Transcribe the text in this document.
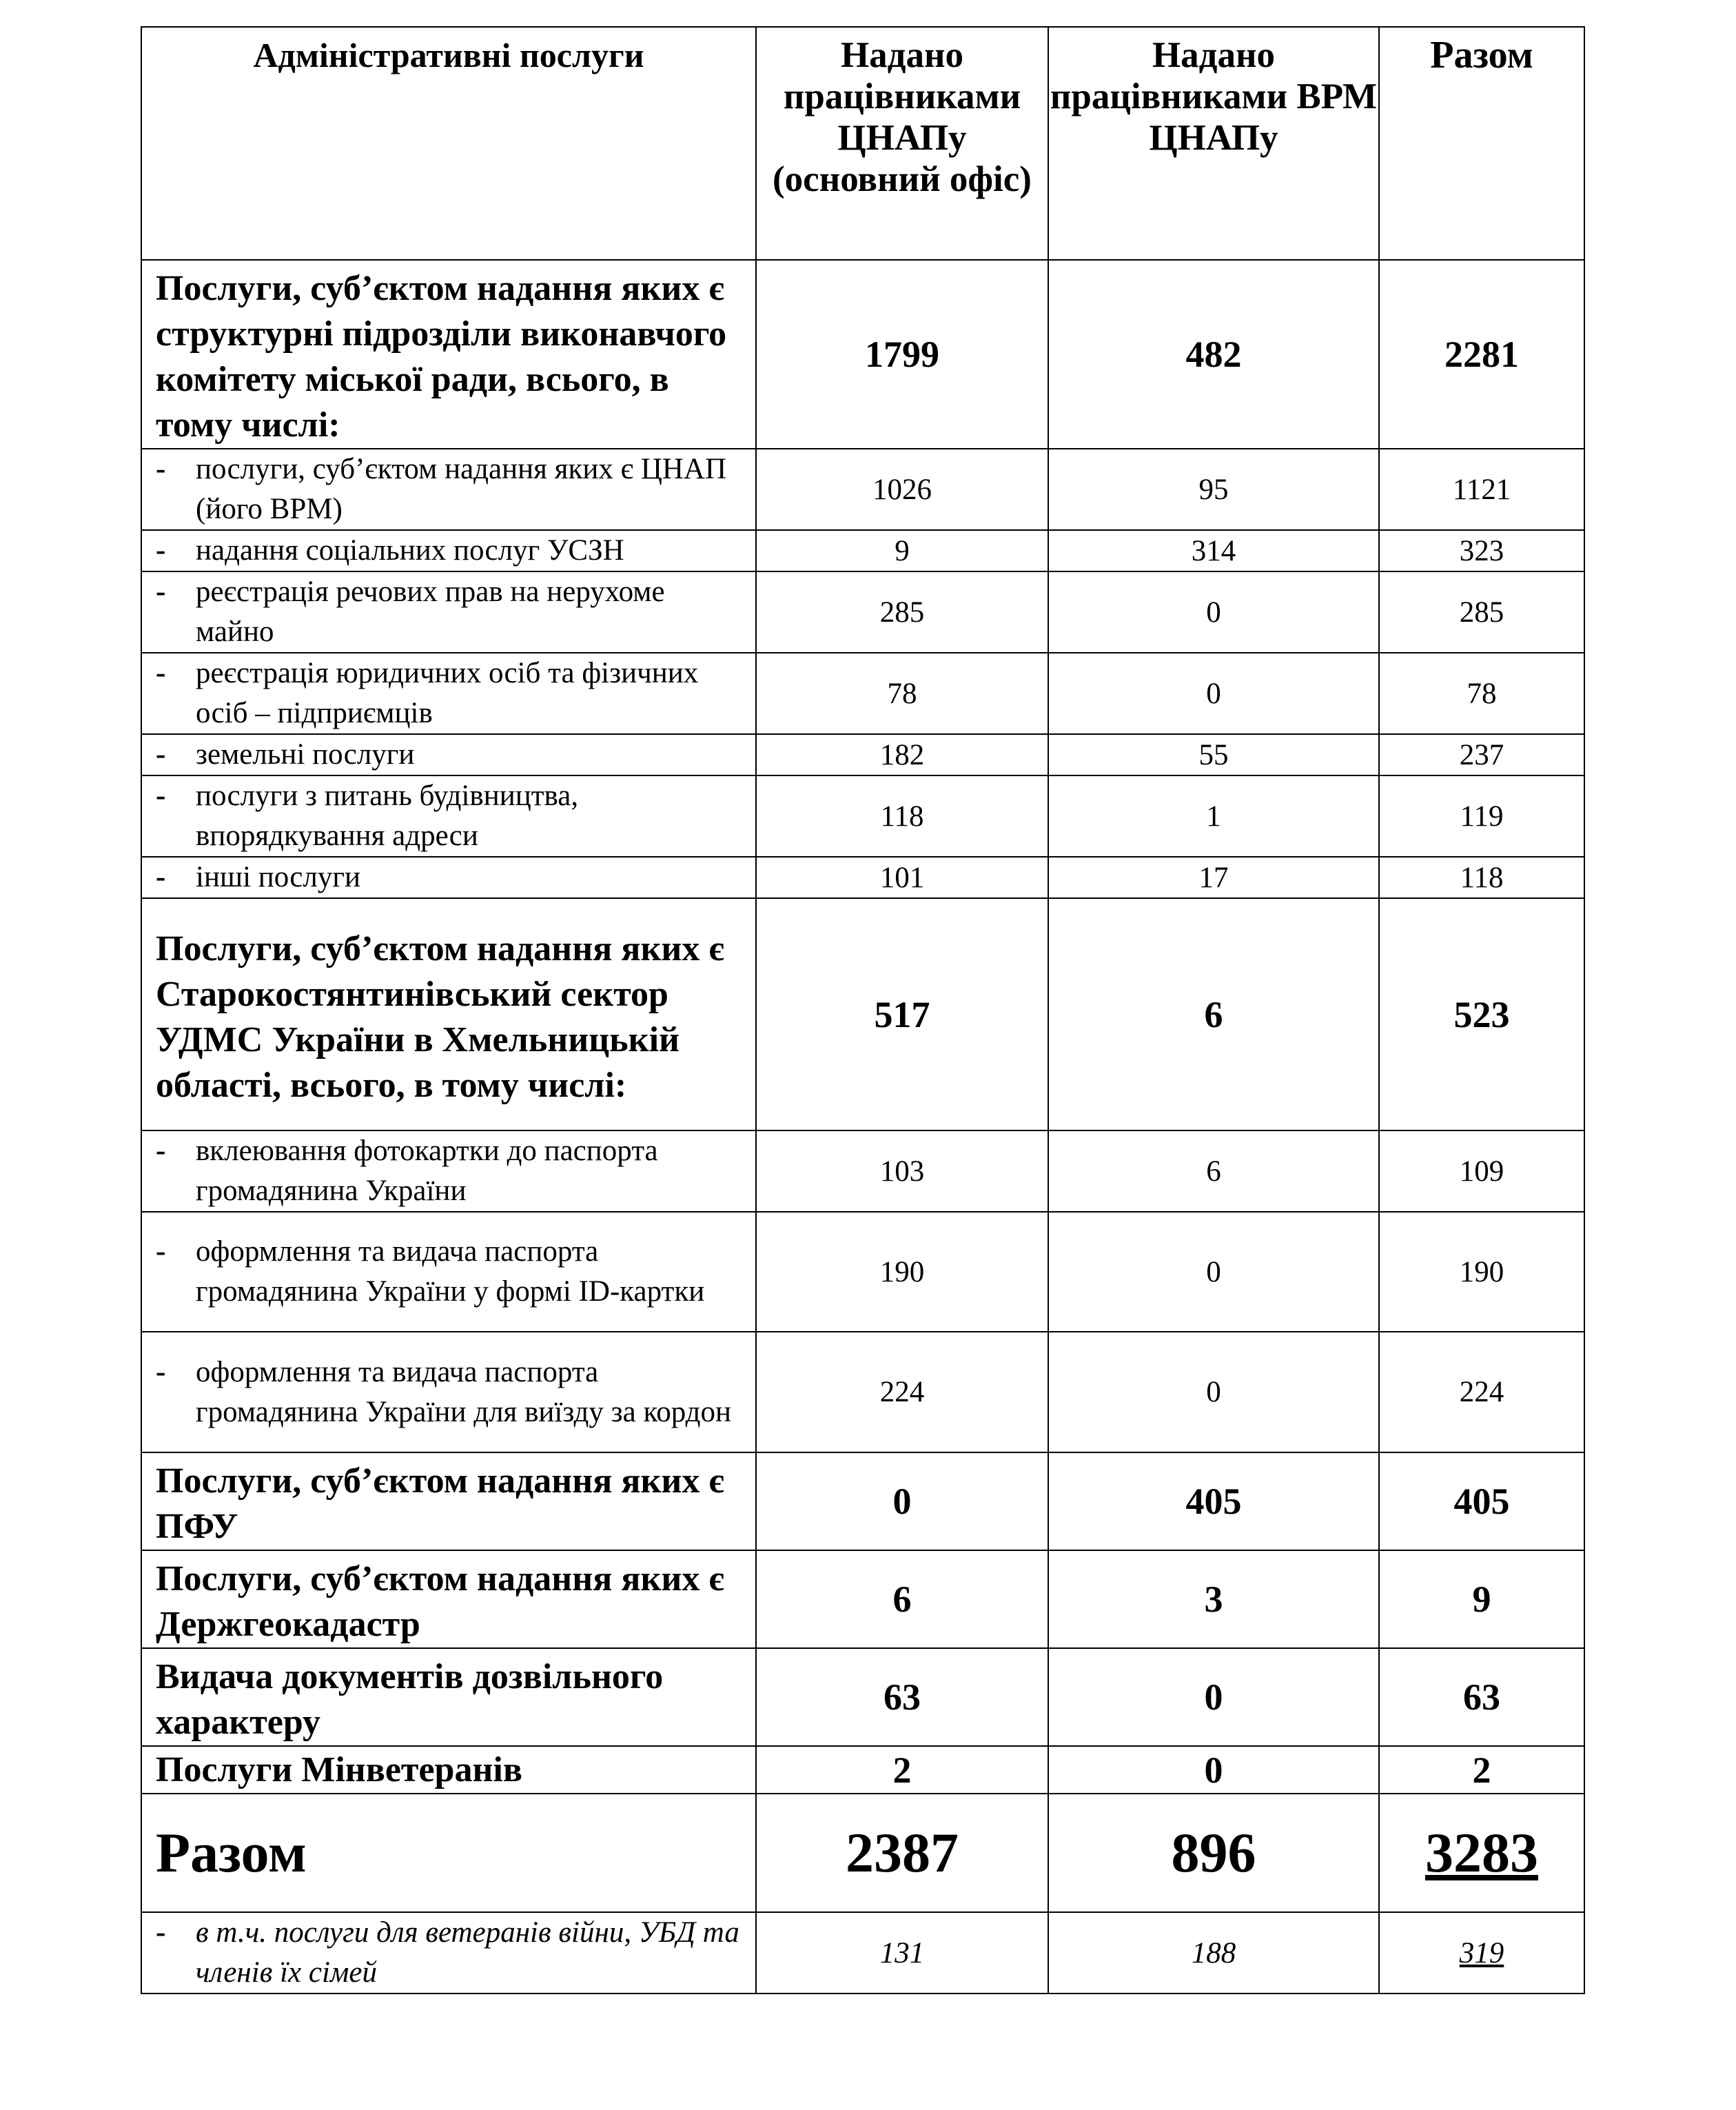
Адміністративні послуги	Надано працівниками ЦНАПу (основний офіс)	Надано працівниками ВРМ ЦНАПу	Разом
Послуги, суб’єктом надання яких є структурні підрозділи виконавчого комітету міської ради, всього, в тому числі:	1799	482	2281

- послуги, суб’єктом надання яких є ЦНАП (його ВРМ)	1026	95	1121

- надання соціальних послуг УСЗН	9	314	323

- реєстрація речових прав на нерухоме майно	285	0	285

- реєстрація юридичних осіб та фізичних осіб – підприємців	78	0	78

- земельні послуги	182	55	237

- послуги з питань будівництва, впорядкування адреси	118	1	119

- інші послуги	101	17	118
Послуги, суб’єктом надання яких є Старокостянтинівський сектор УДМС України в Хмельницькій області, всього, в тому числі:	517	6	523

- вклеювання фотокартки до паспорта громадянина України	103	6	109

- оформлення та видача паспорта громадянина України у формі ID-картки	190	0	190

- оформлення та видача паспорта громадянина України для виїзду за кордон	224	0	224
Послуги, суб’єктом надання яких є ПФУ	0	405	405
Послуги, суб’єктом надання яких є Держгеокадастр	6	3	9
Видача документів дозвільного характеру	63	0	63
Послуги Мінветеранів	2	0	2
Разом	2387	896	3283

- в т.ч. послуги для ветеранів війни, УБД та членів їх сімей	131	188	319
